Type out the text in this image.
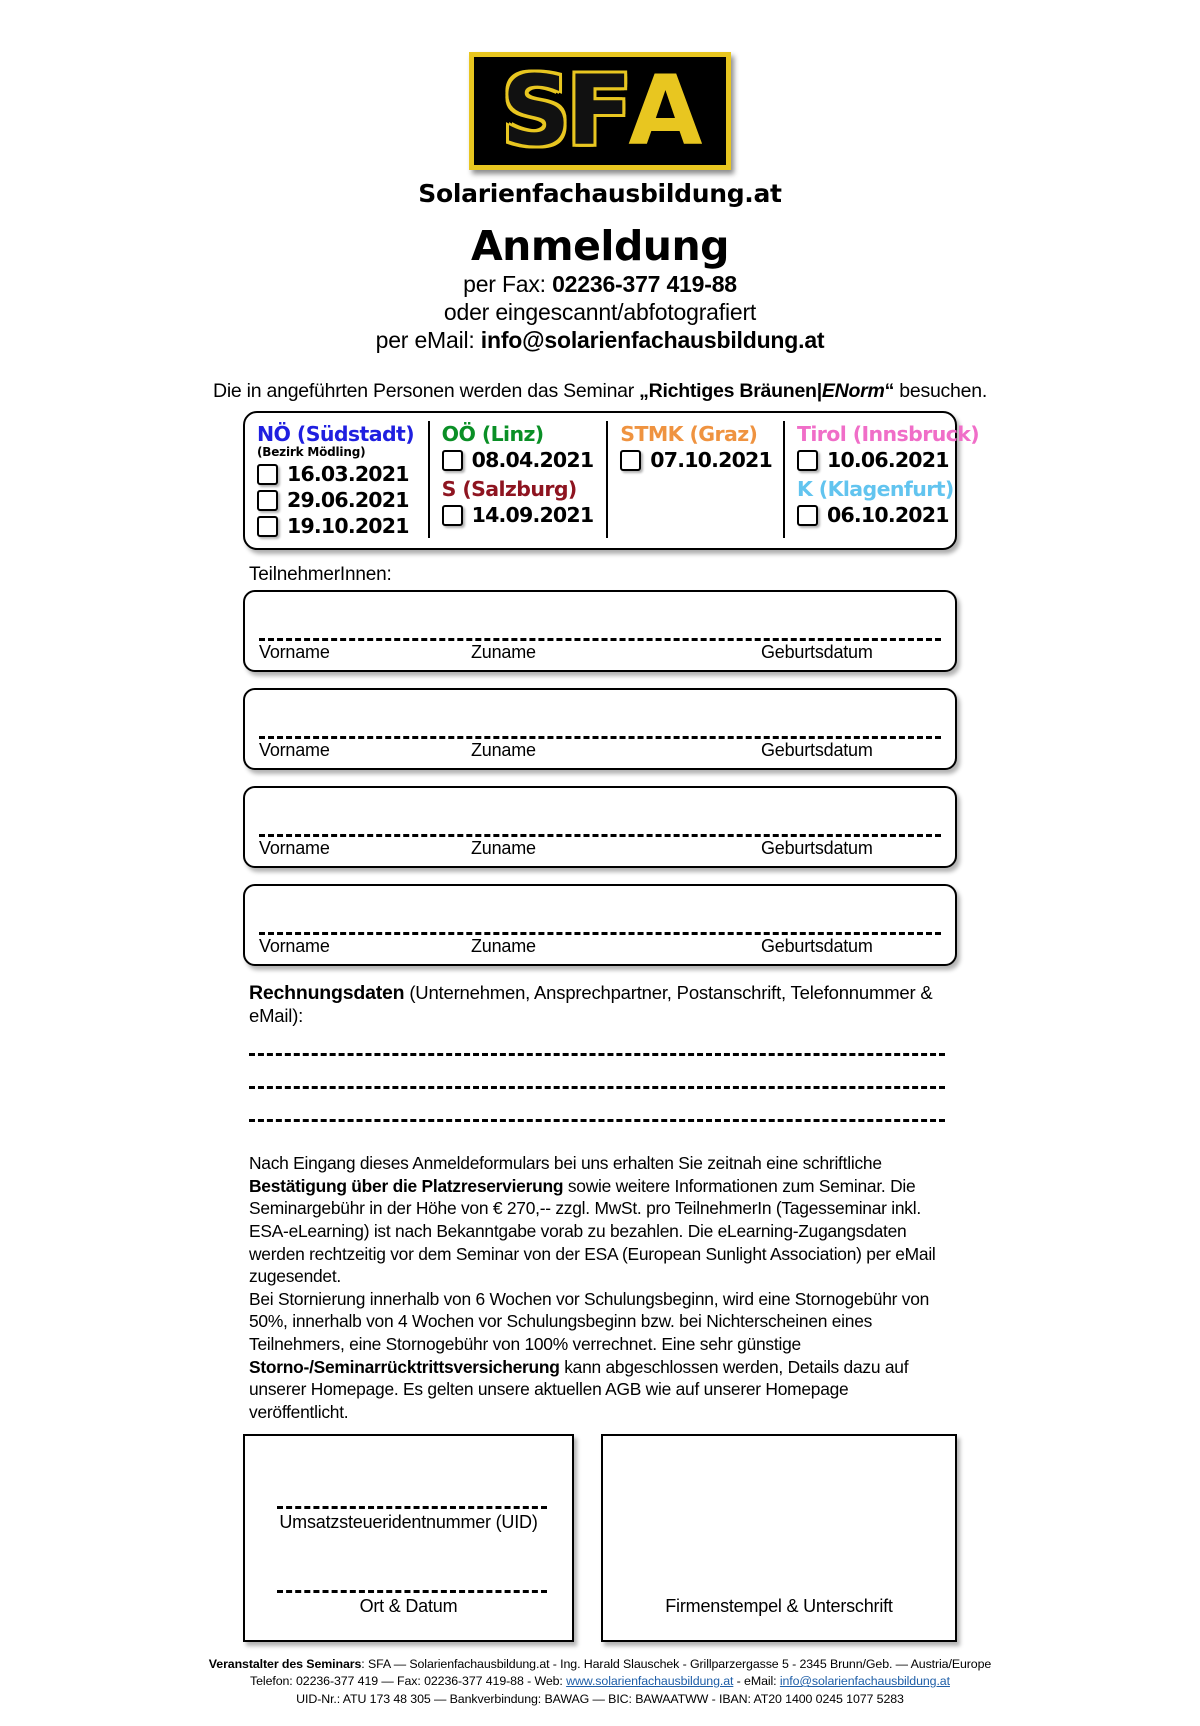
S F A
Solarienfachausbildung.at
Anmeldung
per Fax: 02236-377 419-88
oder eingescannt/abfotografiert
per eMail: info@solarienfachausbildung.at
Die in angeführten Personen werden das Seminar „Richtiges Bräunen|ENorm“ besuchen.
NÖ (Südstadt)
(Bezirk Mödling)
16.03.2021
29.06.2021
19.10.2021
OÖ (Linz)
08.04.2021
S (Salzburg)
14.09.2021
STMK (Graz)
07.10.2021
Tirol (Innsbruck)
10.06.2021
K (Klagenfurt)
06.10.2021
TeilnehmerInnen:
Vorname	Zuname	Geburtsdatum
Vorname	Zuname	Geburtsdatum
Vorname	Zuname	Geburtsdatum
Vorname	Zuname	Geburtsdatum
Rechnungsdaten (Unternehmen, Ansprechpartner, Postanschrift, Telefonnummer & eMail):

Nach Eingang dieses Anmeldeformulars bei uns erhalten Sie zeitnah eine schriftliche Bestätigung über die Platzreservierung sowie weitere Informationen zum Seminar. Die Seminargebühr in der Höhe von € 270,-- zzgl. MwSt. pro TeilnehmerIn (Tagesseminar inkl. ESA-eLearning) ist nach Bekanntgabe vorab zu bezahlen. Die eLearning-Zugangsdaten werden rechtzeitig vor dem Seminar von der ESA (European Sunlight Association) per eMail zugesendet.

Bei Stornierung innerhalb von 6 Wochen vor Schulungsbeginn, wird eine Stornogebühr von 50%, innerhalb von 4 Wochen vor Schulungsbeginn bzw. bei Nichterscheinen eines Teilnehmers, eine Stornogebühr von 100% verrechnet. Eine sehr günstige Storno-/Seminarrücktrittsversicherung kann abgeschlossen werden, Details dazu auf unserer Homepage. Es gelten unsere aktuellen AGB wie auf unserer Homepage veröffentlicht.

Umsatzsteueridentnummer (UID)
Ort & Datum	Firmenstempel & Unterschrift
Veranstalter des Seminars: SFA — Solarienfachausbildung.at - Ing. Harald Slauschek - Grillparzergasse 5 - 2345 Brunn/Geb. — Austria/Europe
Telefon: 02236-377 419 — Fax: 02236-377 419-88 - Web: www.solarienfachausbildung.at - eMail: info@solarienfachausbildung.at
UID-Nr.: ATU 173 48 305 — Bankverbindung: BAWAG — BIC: BAWAATWW - IBAN: AT20 1400 0245 1077 5283
